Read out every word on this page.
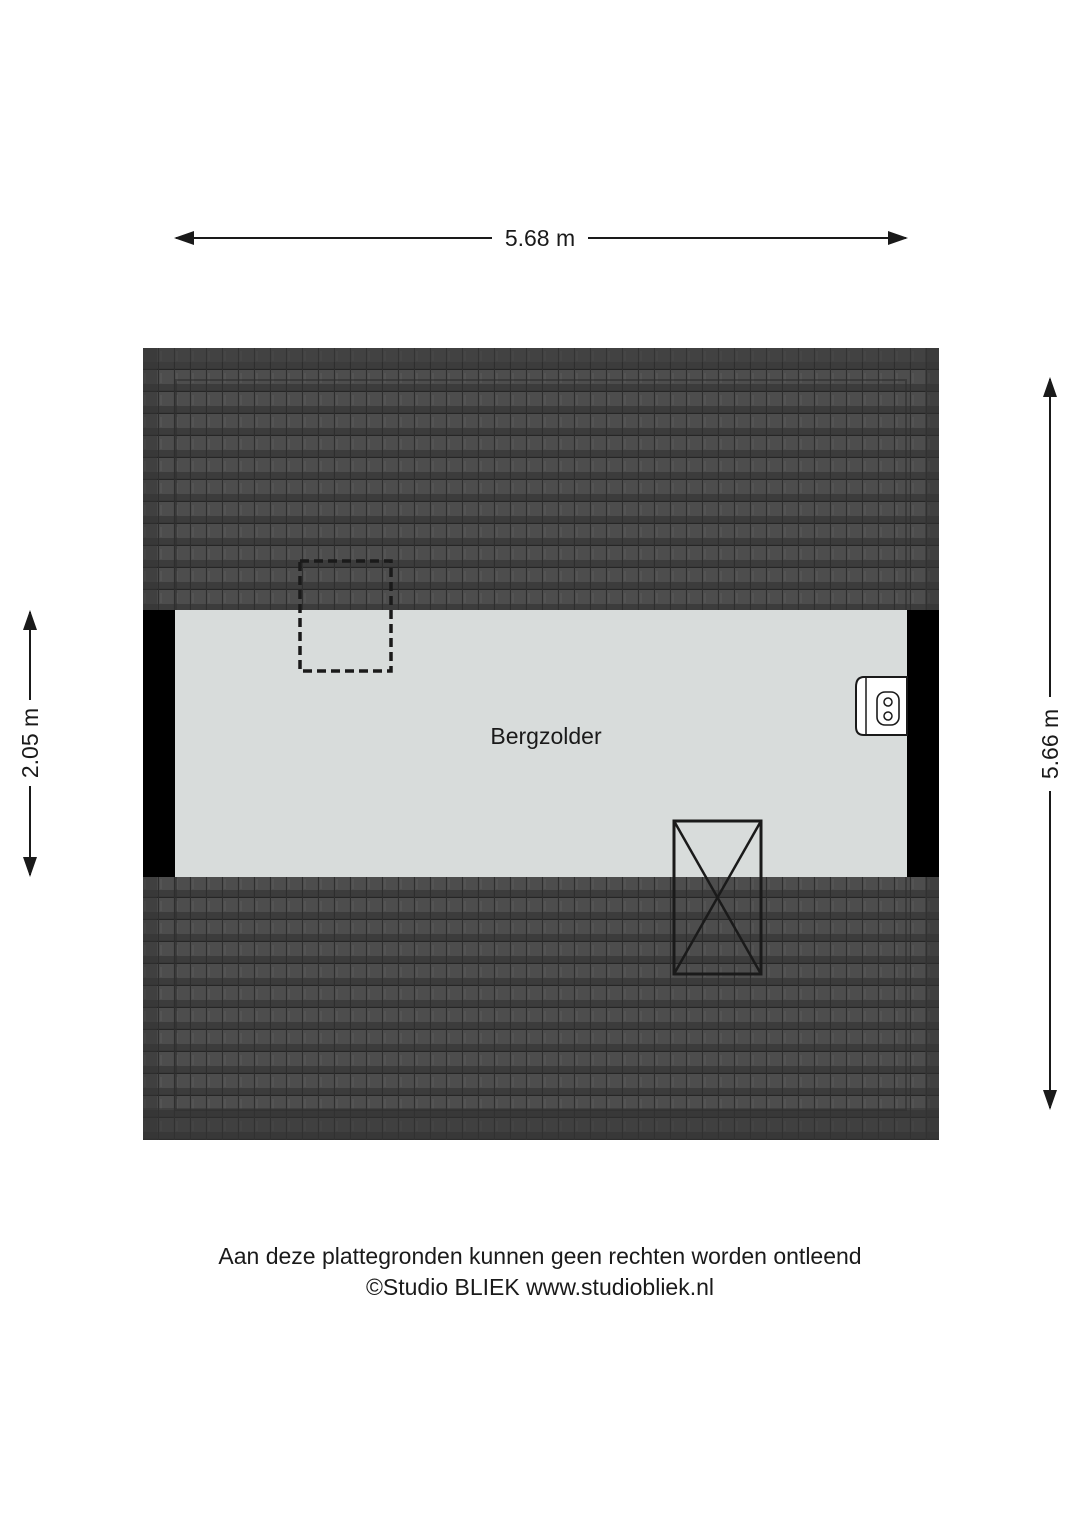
5.68 m
Bergzolder
2.05 m	5.66 m
Aan deze plattegronden kunnen geen rechten worden ontleend
©Studio BLIEK www.studiobliek.nl
